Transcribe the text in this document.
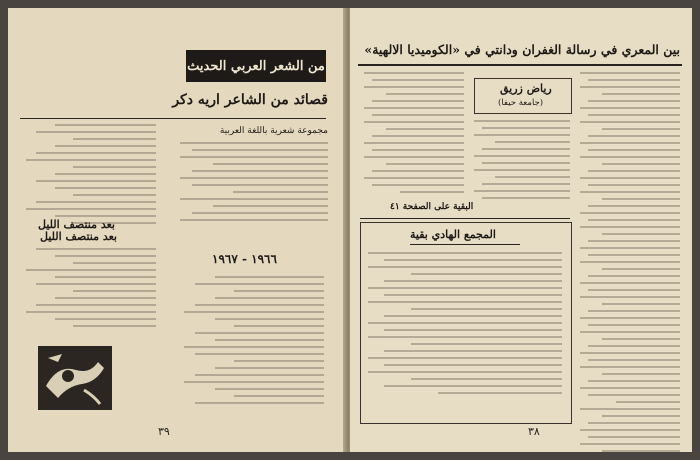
من الشعر العربي الحديث
قصائد من الشاعر اريه دكر
بعد منتصف الليل
بعد منتصف الليل
مجموعة شعرية باللغة العربية
١٩٦٦ - ١٩٦٧
٣٩
بين المعري في رسالة الغفران ودانتي في «الكوميديا الالهية»
رياض زريق
(جامعة حيفا)
البقية على الصفحة ٤١
المجمع الهادي بقية
٣٨
